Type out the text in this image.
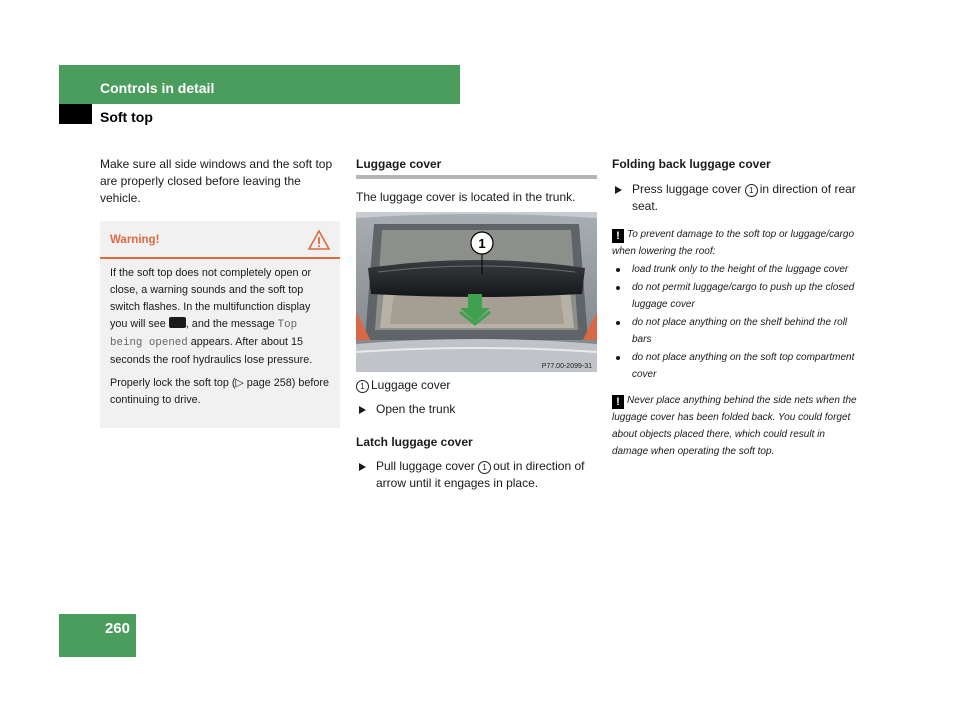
Controls in detail
Soft top

Make sure all side windows and the soft top are properly closed before leaving the vehicle.

Warning!

If the soft top does not completely open or close, a warning sounds and the soft top switch flashes. In the multifunction display you will see , and the message Top being opened appears. After about 15 seconds the roof hydraulics lose pressure.

Properly lock the soft top (▷ page 258) before continuing to drive.

Luggage cover

The luggage cover is located in the trunk.

1
P77.00-2099-31

1 Luggage cover

Open the trunk

Latch luggage cover

Pull luggage cover 1 out in direction of arrow until it engages in place.

Folding back luggage cover

Press luggage cover 1 in direction of rear seat.

! To prevent damage to the soft top or luggage/cargo when lowering the roof:

load trunk only to the height of the luggage cover
do not permit luggage/cargo to push up the closed luggage cover
do not place anything on the shelf behind the roll bars
do not place anything on the soft top compartment cover

! Never place anything behind the side nets when the luggage cover has been folded back. You could forget about objects placed there, which could result in damage when operating the soft top.

260
